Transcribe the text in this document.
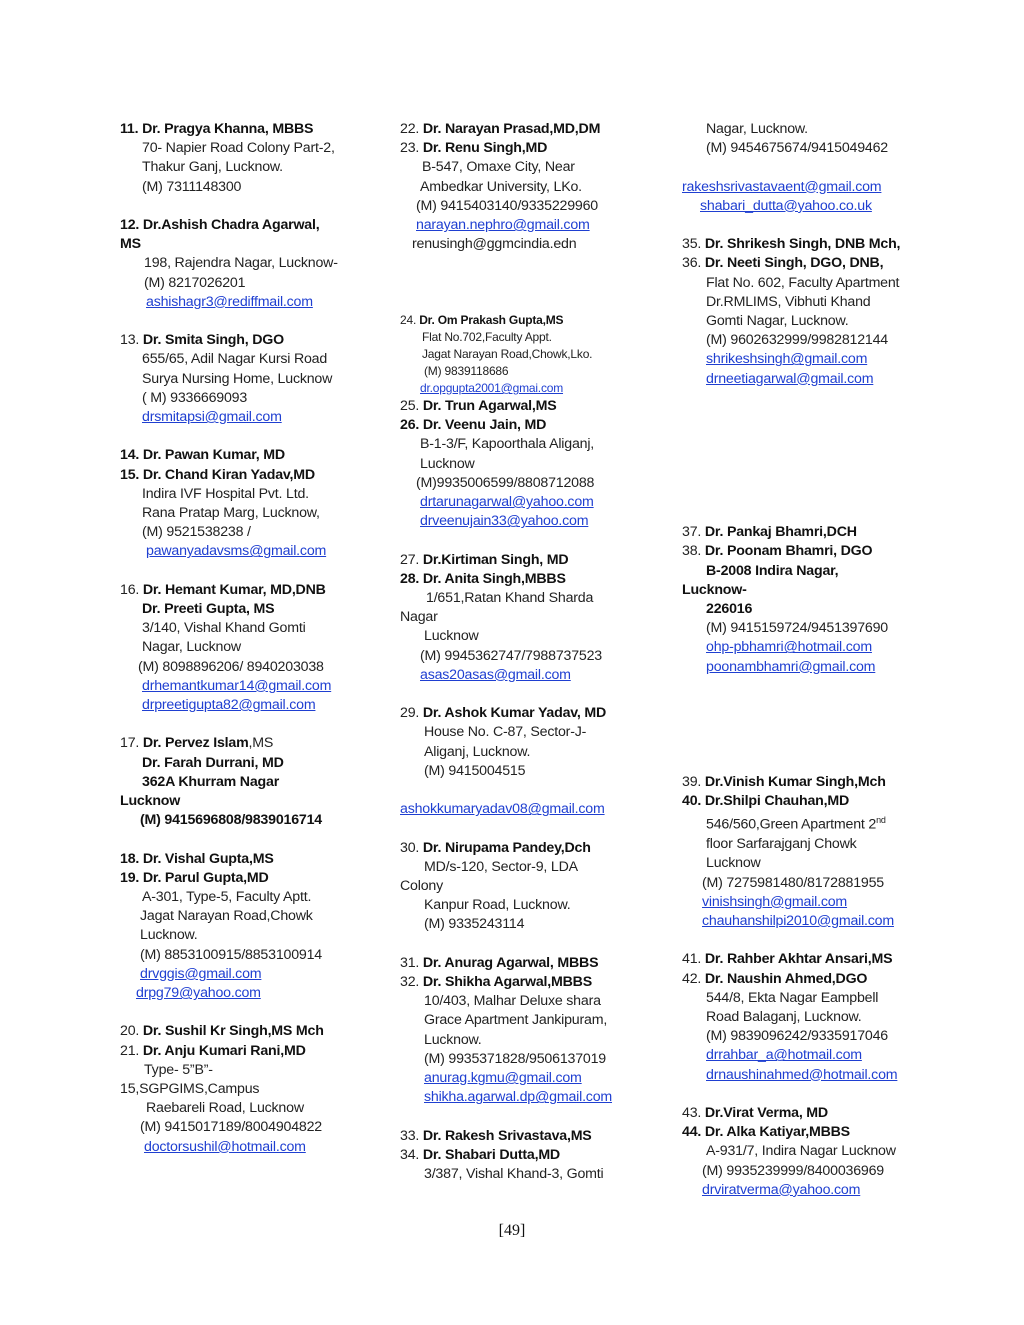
11. Dr. Pragya Khanna, MBBS
70- Napier Road Colony Part-2,
Thakur Ganj, Lucknow.
(M) 7311148300
12. Dr.Ashish Chadra Agarwal,
MS
198, Rajendra Nagar, Lucknow-
(M) 8217026201
ashishagr3@rediffmail.com
13. Dr. Smita Singh, DGO
655/65, Adil Nagar Kursi Road
Surya Nursing Home, Lucknow
( M) 9336669093
drsmitapsi@gmail.com
14. Dr. Pawan Kumar, MD
15. Dr. Chand Kiran Yadav,MD
Indira IVF Hospital Pvt. Ltd.
Rana Pratap Marg, Lucknow,
(M) 9521538238 /
pawanyadavsms@gmail.com
16. Dr. Hemant Kumar, MD,DNB
Dr. Preeti Gupta, MS
3/140, Vishal Khand Gomti
Nagar, Lucknow
(M) 8098896206/ 8940203038
drhemantkumar14@gmail.com
drpreetigupta82@gmail.com
17. Dr. Pervez Islam,MS
Dr. Farah Durrani, MD
362A Khurram Nagar
Lucknow
(M) 9415696808/9839016714
18. Dr. Vishal Gupta,MS
19. Dr. Parul Gupta,MD
A-301, Type-5, Faculty Aptt.
Jagat Narayan Road,Chowk
Lucknow.
(M) 8853100915/8853100914
drvggis@gmail.com
drpg79@yahoo.com
20. Dr. Sushil Kr Singh,MS Mch
21. Dr. Anju Kumari Rani,MD
Type- 5”B”-
15,SGPGIMS,Campus
Raebareli Road, Lucknow
(M) 9415017189/8004904822
doctorsushil@hotmail.com
22. Dr. Narayan Prasad,MD,DM
23. Dr. Renu Singh,MD
B-547, Omaxe City, Near
Ambedkar University, LKo.
(M) 9415403140/9335229960
narayan.nephro@gmail.com
renusingh@ggmcindia.edn
24. Dr. Om Prakash Gupta,MS
Flat No.702,Faculty Appt.
Jagat Narayan Road,Chowk,Lko.
(M) 9839118686
dr.opgupta2001@gmai.com
25. Dr. Trun Agarwal,MS
26. Dr. Veenu Jain, MD
B-1-3/F, Kapoorthala Aliganj,
Lucknow
(M)9935006599/8808712088
drtarunagarwal@yahoo.com
drveenujain33@yahoo.com
27. Dr.Kirtiman Singh, MD
28. Dr. Anita Singh,MBBS
1/651,Ratan Khand Sharda
Nagar
Lucknow
(M) 9945362747/7988737523
asas20asas@gmail.com
29. Dr. Ashok Kumar Yadav, MD
House No. C-87, Sector-J-
Aliganj, Lucknow.
(M) 9415004515
ashokkumaryadav08@gmail.com
30. Dr. Nirupama Pandey,Dch
MD/s-120, Sector-9, LDA
Colony
Kanpur Road, Lucknow.
(M) 9335243114
31. Dr. Anurag Agarwal, MBBS
32. Dr. Shikha Agarwal,MBBS
10/403, Malhar Deluxe shara
Grace Apartment Jankipuram,
Lucknow.
(M) 9935371828/9506137019
anurag.kgmu@gmail.com
shikha.agarwal.dp@gmail.com
33. Dr. Rakesh Srivastava,MS
34. Dr. Shabari Dutta,MD
3/387, Vishal Khand-3, Gomti
Nagar, Lucknow.
(M) 9454675674/9415049462
rakeshsrivastavaent@gmail.com
shabari_dutta@yahoo.co.uk
35. Dr. Shrikesh Singh, DNB Mch,
36. Dr. Neeti Singh, DGO, DNB,
Flat No. 602, Faculty Apartment
Dr.RMLIMS, Vibhuti Khand
Gomti Nagar, Lucknow.
(M) 9602632999/9982812144
shrikeshsingh@gmail.com
drneetiagarwal@gmail.com
37. Dr. Pankaj Bhamri,DCH
38. Dr. Poonam Bhamri, DGO
B-2008 Indira Nagar,
Lucknow-
226016
(M) 9415159724/9451397690
ohp-pbhamri@hotmail.com
poonambhamri@gmail.com
39. Dr.Vinish Kumar Singh,Mch
40. Dr.Shilpi Chauhan,MD
546/560,Green Apartment 2nd
floor Sarfarajganj Chowk
Lucknow
(M) 7275981480/8172881955
vinishsingh@gmail.com
chauhanshilpi2010@gmail.com
41. Dr. Rahber Akhtar Ansari,MS
42. Dr. Naushin Ahmed,DGO
544/8, Ekta Nagar Eampbell
Road Balaganj, Lucknow.
(M) 9839096242/9335917046
drrahbar_a@hotmail.com
drnaushinahmed@hotmail.com
43. Dr.Virat Verma, MD
44. Dr. Alka Katiyar,MBBS
A-931/7, Indira Nagar Lucknow
(M) 9935239999/8400036969
drviratverma@yahoo.com
[49]
